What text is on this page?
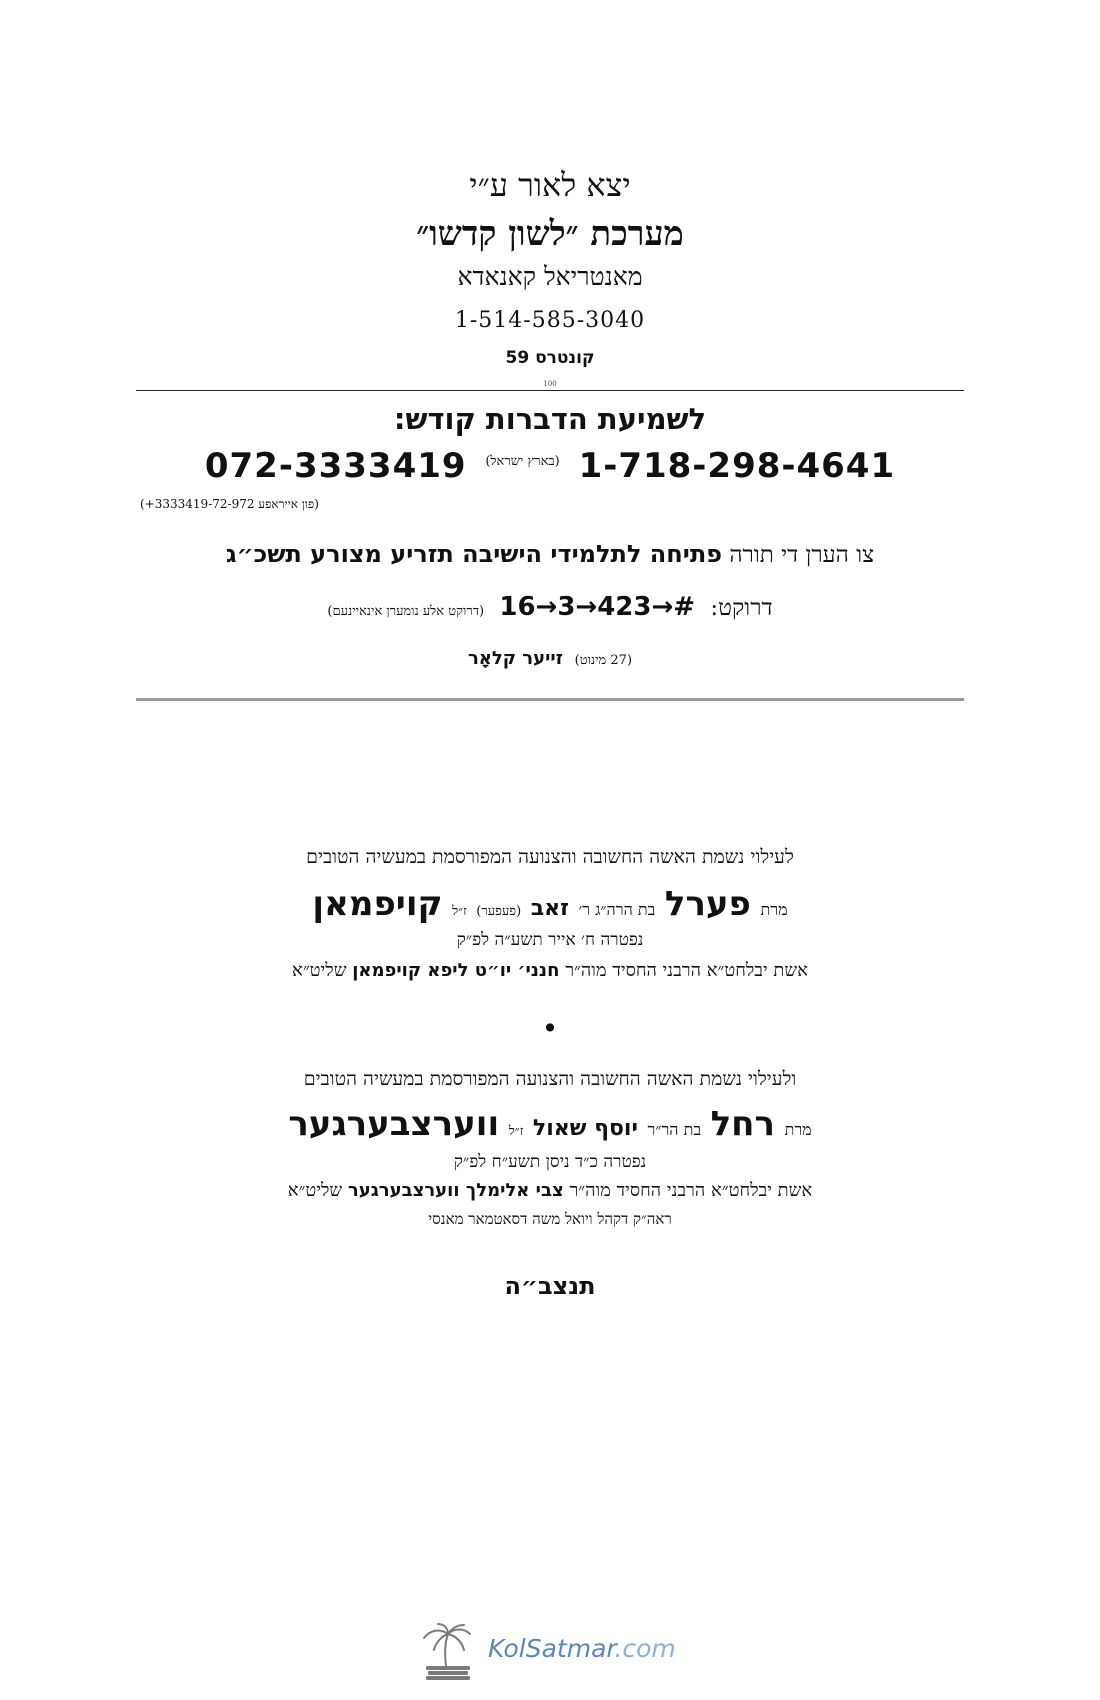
יצא לאור ע״י
מערכת ״לשון קדשו״
מאנטריאל קאנאדא
1-514-585-3040
קונטרס 59
100
לשמיעת הדברות קודש:
1-718-298-4641 $^{(בארץ ישראל)}$ 072-3333419
(פון אייראפע 3333419-72-972+)
צו הערן די תורה פתיחה לתלמידי הישיבה תזריע מצורע תשכ״ג
דרוקט: 16→3→423→# (דרוקט אלע נומערן אינאיינעם)
(27 מינוט) זייער קלאָר
לעילוי נשמת האשה החשובה והצנועה המפורסמת במעשיה הטובים
מרת פערל בת הרה״ג ר׳ זאב (פעפער) ז״ל קויפמאן
נפטרה ח׳ אייר תשע״ה לפ״ק
אשת יבלחט״א הרבני החסיד מוה״ר חנני׳ יו״ט ליפא קויפמאן שליט״א
•
ולעילוי נשמת האשה החשובה והצנועה המפורסמת במעשיה הטובים
מרת רחל בת הר״ר יוסף שאול ז״ל ווערצבערגער
נפטרה כ״ד ניסן תשע״ח לפ״ק
אשת יבלחט״א הרבני החסיד מוה״ר צבי אלימלך ווערצבערגער שליט״א
ראה״ק דקהל ויואל משה דסאטמאר מאנסי
תנצב״ה
KolSatmar.com
